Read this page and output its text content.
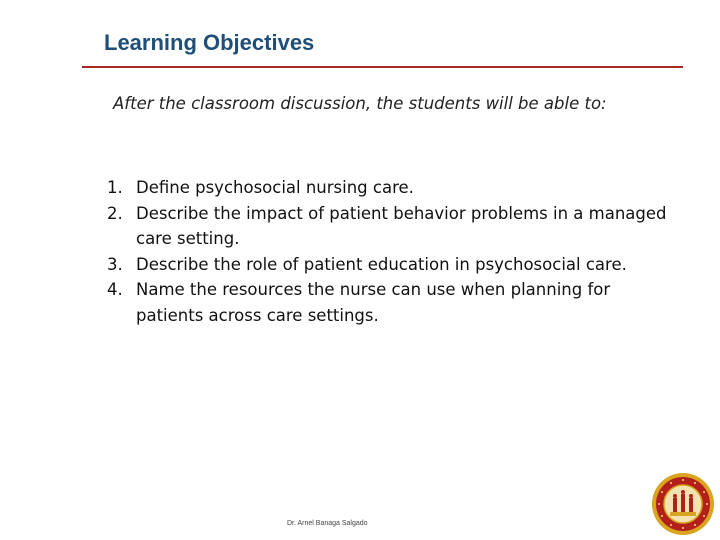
Learning Objectives
After the classroom discussion, the students will be able to:
1. Define psychosocial nursing care.
2. Describe the impact of patient behavior problems in a managed care setting.
3. Describe the role of patient education in psychosocial care.
4. Name the resources the nurse can use when planning for patients across care settings.
Dr. Arnel Banaga Salgado
